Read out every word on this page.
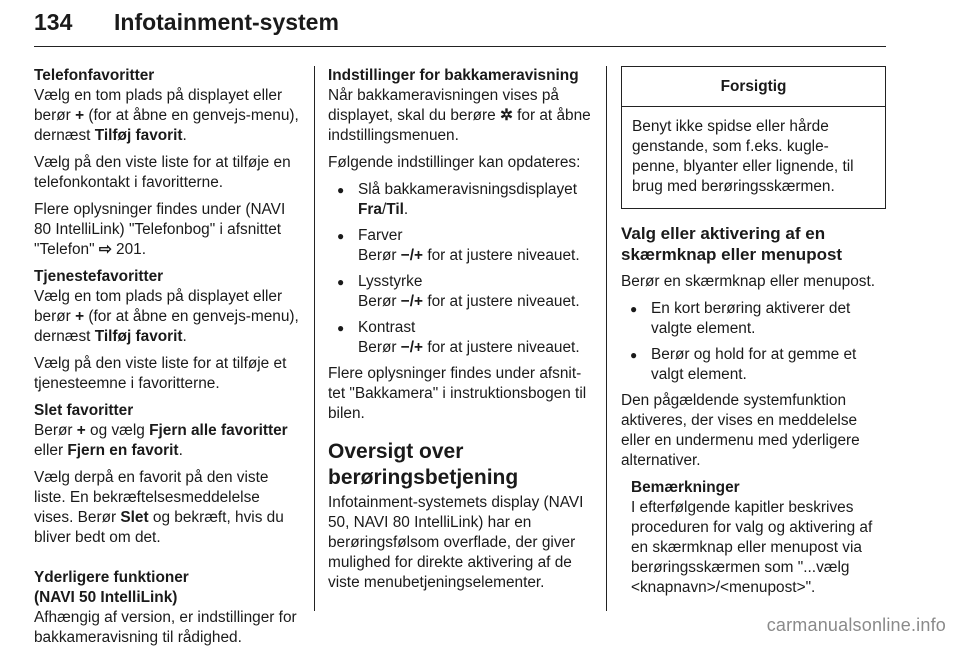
134 Infotainment-system
Telefonfavoritter

Vælg en tom plads på displayet eller berør + (for at åbne en genvejs-menu), dernæst Tilføj favorit.

Vælg på den viste liste for at tilføje en telefonkontakt i favoritterne.

Flere oplysninger findes under (NAVI 80 IntelliLink) "Telefonbog" i afsnittet "Telefon" ⇨ 201.

Tjenestefavoritter

Vælg en tom plads på displayet eller berør + (for at åbne en genvejs-menu), dernæst Tilføj favorit.

Vælg på den viste liste for at tilføje et tjenesteemne i favoritterne.

Slet favoritter

Berør + og vælg Fjern alle favoritter eller Fjern en favorit.

Vælg derpå en favorit på den viste liste. En bekræftelsesmeddelelse vises. Berør Slet og bekræft, hvis du bliver bedt om det.

Yderligere funktioner
(NAVI 50 IntelliLink)

Afhængig af version, er indstillinger for bakkameravisning til rådighed.

Indstillinger for bakkameravisning

Når bakkameravisningen vises på displayet, skal du berøre ✲ for at åbne indstillingsmenuen.

Følgende indstillinger kan opdateres:

● Slå bakkameravisningsdisplayet Fra/Til.
● Farver
Berør −/+ for at justere niveauet.
● Lysstyrke
Berør −/+ for at justere niveauet.
● Kontrast
Berør −/+ for at justere niveauet.

Flere oplysninger findes under afsnit-tet "Bakkamera" i instruktionsbogen til bilen.

Oversigt over berøringsbetjening

Infotainment-systemets display (NAVI 50, NAVI 80 IntelliLink) har en berøringsfølsom overflade, der giver mulighed for direkte aktivering af de viste menubetjeningselementer.

Forsigtig
Benyt ikke spidse eller hårde genstande, som f.eks. kugle-penne, blyanter eller lignende, til brug med berøringsskærmen.
Valg eller aktivering af en skærmknap eller menupost

Berør en skærmknap eller menupost.

● En kort berøring aktiverer det valgte element.
● Berør og hold for at gemme et valgt element.

Den pågældende systemfunktion aktiveres, der vises en meddelelse eller en undermenu med yderligere alternativer.

Bemærkninger
I efterfølgende kapitler beskrives proceduren for valg og aktivering af en skærmknap eller menupost via berøringsskærmen som "...vælg <knapnavn>/<menupost>".
carmanualsonline.info
